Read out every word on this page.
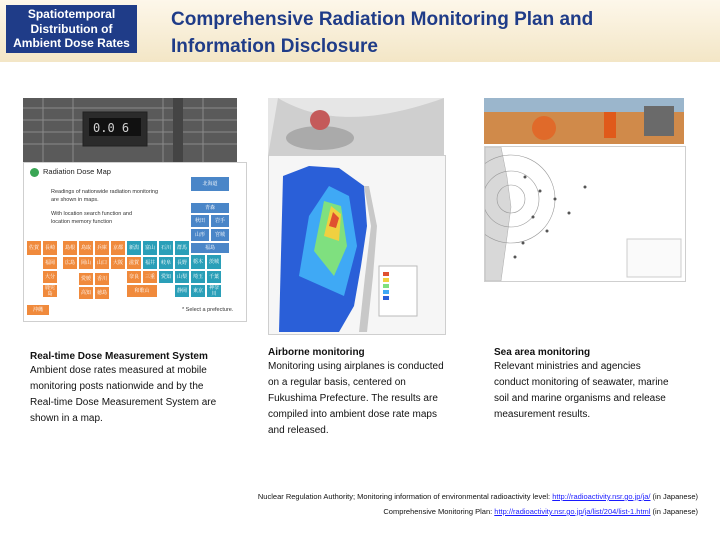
Spatiotemporal
Distribution of
Ambient Dose Rates
Comprehensive Radiation Monitoring Plan and
Information Disclosure
0.0 6
Radiation Dose Map
Readings of nationwide radiation monitoring
are shown in maps.
With location search function and
location memory function
北海道
青森
秋田	岩手
山形	宮城
福島
新潟	富山	石川	群馬
栃木	茨城
長野
埼玉	千葉
岐阜
福井
山梨
愛知
東京
静岡	神奈川
京都
兵庫
滋賀
大阪
奈良	三重
和歌山
鳥取
島根
岡山
広島	山口
愛媛	香川
高知	徳島
長崎
佐賀
福岡
大分
鹿児島
沖縄	* Select a prefecture.
Real-time Dose Measurement System
Ambient dose rates measured at mobile
monitoring posts nationwide and by the
Real-time Dose Measurement System are
shown in a map.
Airborne monitoring
Monitoring using airplanes is conducted
on a regular basis, centered on
Fukushima Prefecture. The results are
compiled into ambient dose rate maps
and released.
Sea area monitoring
Relevant ministries and agencies
conduct monitoring of seawater, marine
soil and marine organisms and release
measurement results.
Nuclear Regulation Authority; Monitoring information of environmental radioactivity level: http://radioactivity.nsr.go.jp/ja/ (in Japanese)
Comprehensive Monitoring Plan: http://radioactivity.nsr.go.jp/ja/list/204/list-1.html (in Japanese)
